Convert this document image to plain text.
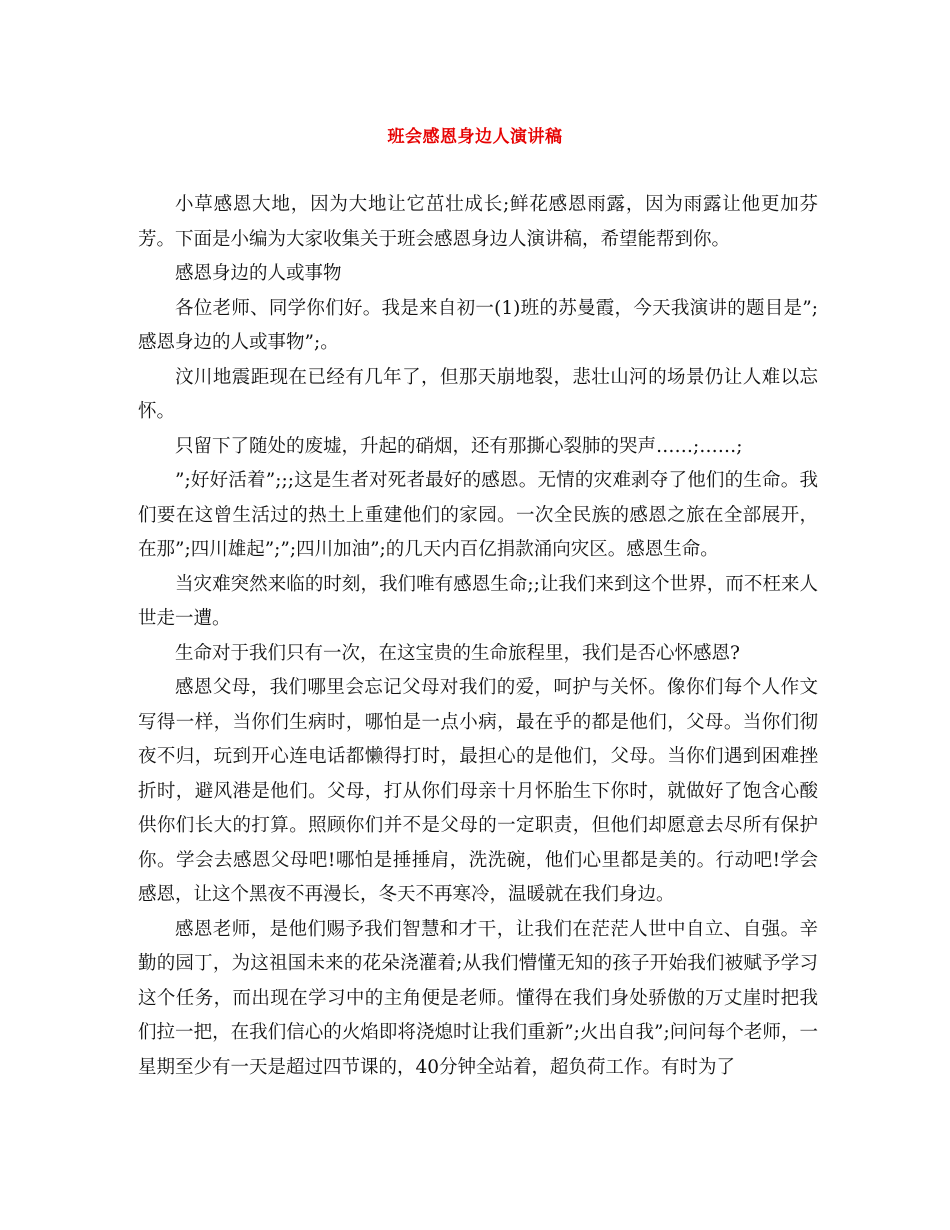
班会感恩身边人演讲稿

小草感恩大地，因为大地让它茁壮成长;鲜花感恩雨露，因为雨露让他更加芬芳。下面是小编为大家收集关于班会感恩身边人演讲稿，希望能帮到你。

感恩身边的人或事物

各位老师、同学你们好。我是来自初一(1)班的苏曼霞，今天我演讲的题目是”;感恩身边的人或事物”;。

汶川地震距现在已经有几年了，但那天崩地裂，悲壮山河的场景仍让人难以忘怀。

只留下了随处的废墟，升起的硝烟，还有那撕心裂肺的哭声……;……;

”;好好活着”;;;这是生者对死者最好的感恩。无情的灾难剥夺了他们的生命。我们要在这曾生活过的热土上重建他们的家园。一次全民族的感恩之旅在全部展开，在那”;四川雄起”;”;四川加油”;的几天内百亿捐款涌向灾区。感恩生命。

当灾难突然来临的时刻，我们唯有感恩生命;;让我们来到这个世界，而不枉来人世走一遭。

生命对于我们只有一次，在这宝贵的生命旅程里，我们是否心怀感恩?

感恩父母，我们哪里会忘记父母对我们的爱，呵护与关怀。像你们每个人作文写得一样，当你们生病时，哪怕是一点小病，最在乎的都是他们，父母。当你们彻夜不归，玩到开心连电话都懒得打时，最担心的是他们，父母。当你们遇到困难挫折时，避风港是他们。父母，打从你们母亲十月怀胎生下你时，就做好了饱含心酸供你们长大的打算。照顾你们并不是父母的一定职责，但他们却愿意去尽所有保护你。学会去感恩父母吧!哪怕是捶捶肩，洗洗碗，他们心里都是美的。行动吧!学会感恩，让这个黑夜不再漫长，冬天不再寒冷，温暖就在我们身边。

感恩老师，是他们赐予我们智慧和才干，让我们在茫茫人世中自立、自强。辛勤的园丁，为这祖国未来的花朵浇灌着;从我们懵懂无知的孩子开始我们被赋予学习这个任务，而出现在学习中的主角便是老师。懂得在我们身处骄傲的万丈崖时把我们拉一把，在我们信心的火焰即将浇熄时让我们重新”;火出自我”;问问每个老师，一星期至少有一天是超过四节课的，40分钟全站着，超负荷工作。有时为了
